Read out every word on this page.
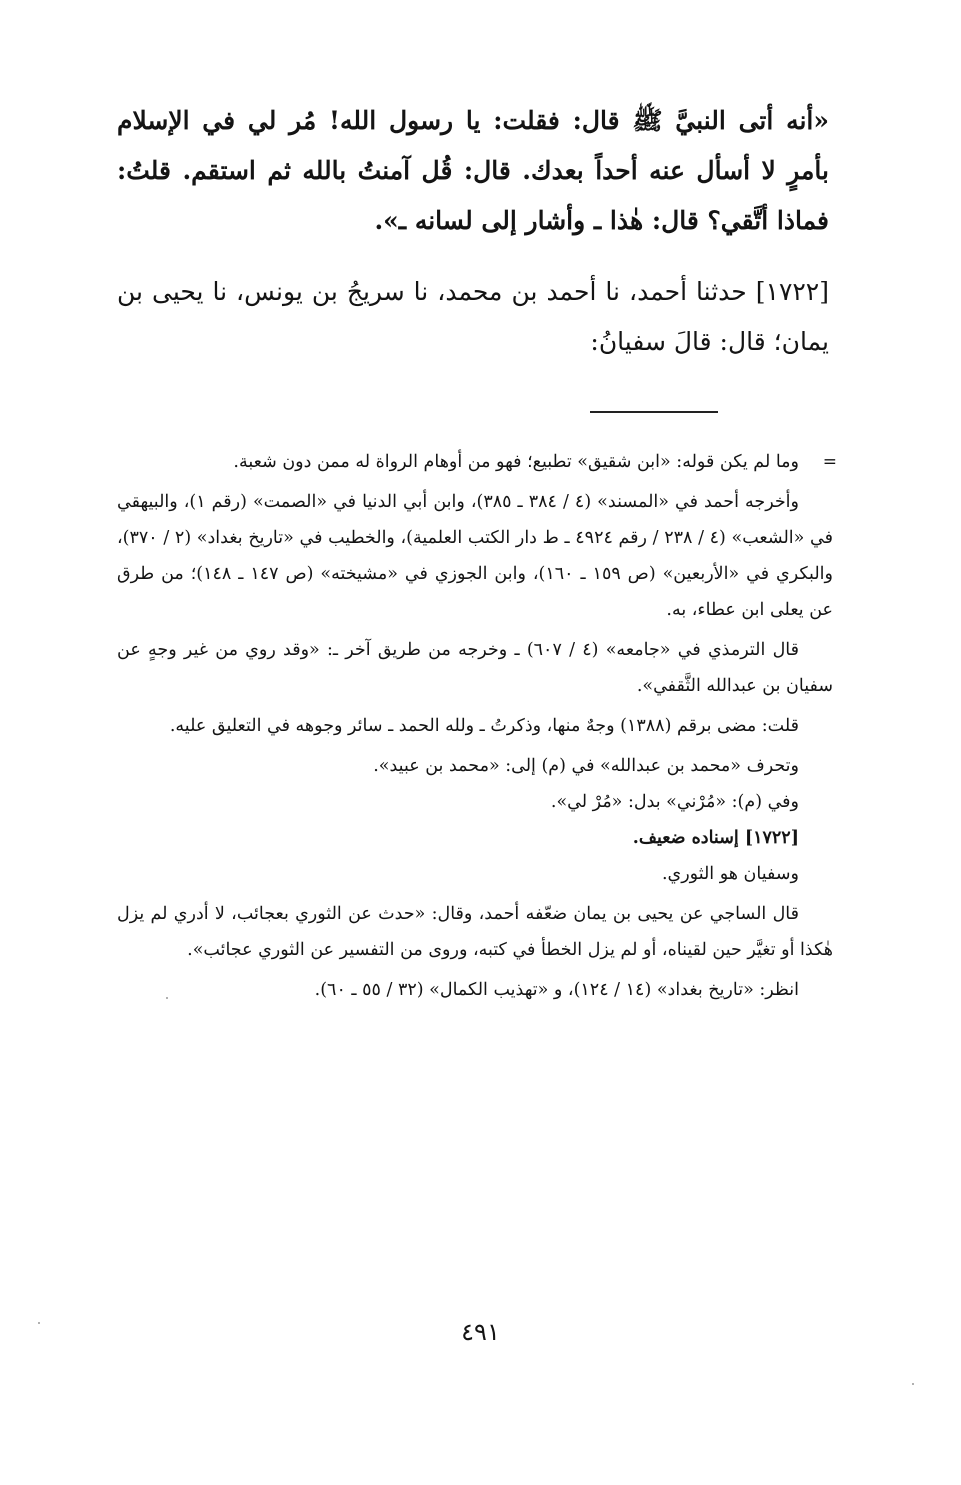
«أنه أتى النبيَّ ﷺ قال: فقلت: يا رسول الله! مُر لي في الإسلام بأمرٍ لا أسأل عنه أحداً بعدك. قال: قُل آمنتُ بالله ثم استقم. قلتُ: فماذا أتَّقي؟ قال: هٰذا ـ وأشار إلى لسانه ـ».

[١٧٢٢] حدثنا أحمد، نا أحمد بن محمد، نا سريجُ بن يونس، نا يحيى بن يمان؛ قال: قالَ سفيانُ:

=
وما لم يكن قوله: «ابن شقيق» تطبيع؛ فهو من أوهام الرواة له ممن دون شعبة.

وأخرجه أحمد في «المسند» (٤ / ٣٨٤ ـ ٣٨٥)، وابن أبي الدنيا في «الصمت» (رقم ١)، والبيهقي في «الشعب» (٤ / ٢٣٨ / رقم ٤٩٢٤ ـ ط دار الكتب العلمية)، والخطيب في «تاريخ بغداد» (٢ / ٣٧٠)، والبكري في «الأربعين» (ص ١٥٩ ـ ١٦٠)، وابن الجوزي في «مشيخته» (ص ١٤٧ ـ ١٤٨)؛ من طرق عن يعلى ابن عطاء، به.

قال الترمذي في «جامعه» (٤ / ٦٠٧) ـ وخرجه من طريق آخر ـ: «وقد روي من غير وجهٍ عن سفيان بن عبدالله الثَّقفي».

قلت: مضى برقم (١٣٨٨) وجهٌ منها، وذكرتُ ـ ولله الحمد ـ سائر وجوهه في التعليق عليه.

وتحرف «محمد بن عبدالله» في (م) إلى: «محمد بن عبيد».

وفي (م): «مُرْني» بدل: «مُرْ لي».

[١٧٢٢] إسناده ضعيف.

وسفيان هو الثوري.

قال الساجي عن يحيى بن يمان ضعّفه أحمد، وقال: «حدث عن الثوري بعجائب، لا أدري لم يزل هٰكذا أو تغيَّر حين لقيناه، أو لم يزل الخطأ في كتبه، وروى من التفسير عن الثوري عجائب».

انظر: «تاريخ بغداد» (١٤ / ١٢٤)، و «تهذيب الكمال» (٣٢ / ٥٥ ـ ٦٠).

٤٩١
